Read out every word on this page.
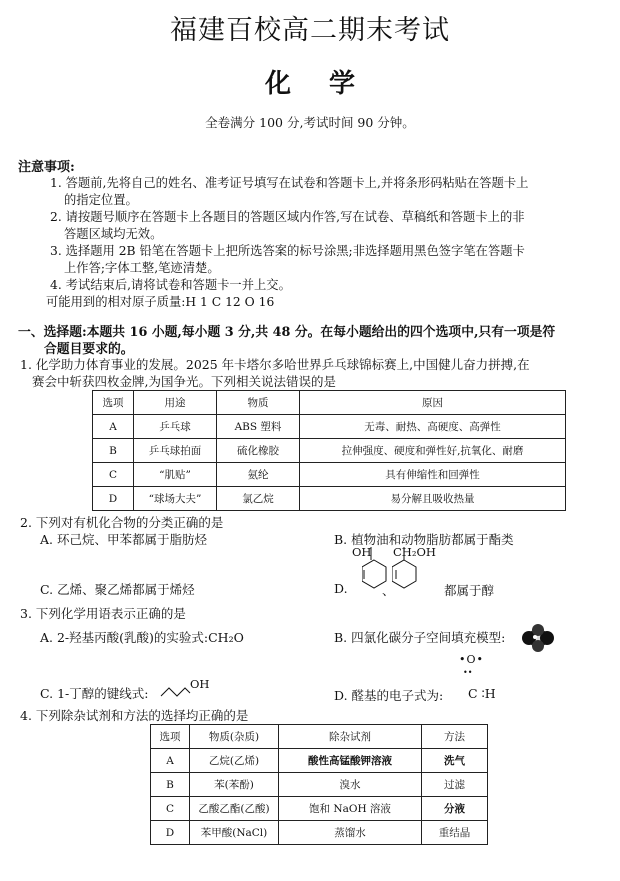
福建百校高二期末考试
化学
全卷满分 100 分,考试时间 90 分钟。
注意事项:
1. 答题前,先将自己的姓名、准考证号填写在试卷和答题卡上,并将条形码粘贴在答题卡上
的指定位置。
2. 请按题号顺序在答题卡上各题目的答题区域内作答,写在试卷、草稿纸和答题卡上的非
答题区域均无效。
3. 选择题用 2B 铅笔在答题卡上把所选答案的标号涂黑;非选择题用黑色签字笔在答题卡
上作答;字体工整,笔迹清楚。
4. 考试结束后,请将试卷和答题卡一并上交。
可能用到的相对原子质量:H 1 C 12 O 16
一、选择题:本题共 16 小题,每小题 3 分,共 48 分。在每小题给出的四个选项中,只有一项是符
合题目要求的。
1. 化学助力体育事业的发展。2025 年卡塔尔多哈世界乒乓球锦标赛上,中国健儿奋力拼搏,在
赛会中斩获四枚金牌,为国争光。下列相关说法错误的是
选项	用途	物质	原因
A	乒乓球	ABS 塑料	无毒、耐热、高硬度、高弹性
B	乒乓球拍面	硫化橡胶	拉伸强度、硬度和弹性好,抗氧化、耐磨
C	“肌贴”	氨纶	具有伸缩性和回弹性
D	“球场大夫”	氯乙烷	易分解且吸收热量
2. 下列对有机化合物的分类正确的是
A. 环己烷、甲苯都属于脂肪烃	B. 植物油和动物脂肪都属于酯类
C. 乙烯、聚乙烯都属于烯烃	D.
OH
、
CH₂OH
都属于醇
3. 下列化学用语表示正确的是
A. 2-羟基丙酸(乳酸)的实验式:CH₂O	B. 四氯化碳分子空间填充模型:
C. 1-丁醇的键线式:
OH
D. 醛基的电子式为:
•O•
••
C ∶H
4. 下列除杂试剂和方法的选择均正确的是
选项	物质(杂质)	除杂试剂	方法
A	乙烷(乙烯)	酸性高锰酸钾溶液	洗气
B	苯(苯酚)	溴水	过滤
C	乙酸乙酯(乙酸)	饱和 NaOH 溶液	分液
D	苯甲酸(NaCl)	蒸馏水	重结晶
